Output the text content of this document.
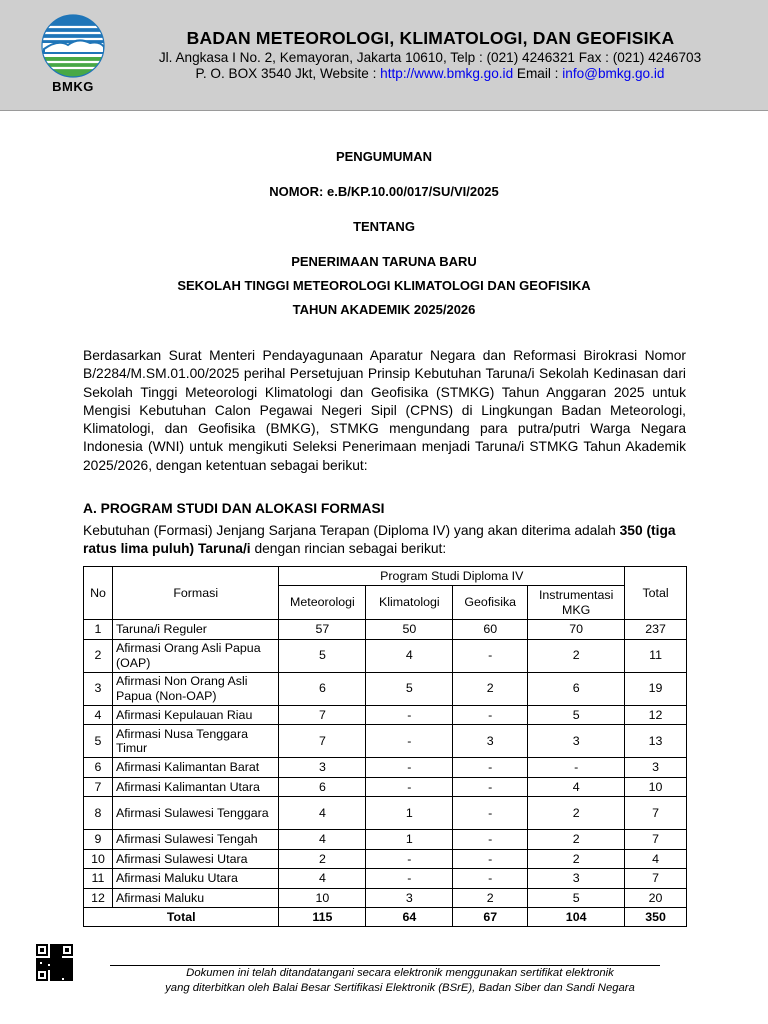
BMKG
BADAN METEOROLOGI, KLIMATOLOGI, DAN GEOFISIKA
Jl. Angkasa I No. 2, Kemayoran, Jakarta 10610, Telp : (021) 4246321 Fax : (021) 4246703
P. O. BOX 3540 Jkt, Website : http://www.bmkg.go.id Email : info@bmkg.go.id
PENGUMUMAN
NOMOR: e.B/KP.10.00/017/SU/VI/2025
TENTANG
PENERIMAAN TARUNA BARU
SEKOLAH TINGGI METEOROLOGI KLIMATOLOGI DAN GEOFISIKA
TAHUN AKADEMIK 2025/2026
Berdasarkan Surat Menteri Pendayagunaan Aparatur Negara dan Reformasi Birokrasi Nomor B/2284/M.SM.01.00/2025 perihal Persetujuan Prinsip Kebutuhan Taruna/i Sekolah Kedinasan dari Sekolah Tinggi Meteorologi Klimatologi dan Geofisika (STMKG) Tahun Anggaran 2025 untuk Mengisi Kebutuhan Calon Pegawai Negeri Sipil (CPNS) di Lingkungan Badan Meteorologi, Klimatologi, dan Geofisika (BMKG), STMKG mengundang para putra/putri Warga Negara Indonesia (WNI) untuk mengikuti Seleksi Penerimaan menjadi Taruna/i STMKG Tahun Akademik 2025/2026, dengan ketentuan sebagai berikut:
A. PROGRAM STUDI DAN ALOKASI FORMASI
Kebutuhan (Formasi) Jenjang Sarjana Terapan (Diploma IV) yang akan diterima adalah 350 (tiga ratus lima puluh) Taruna/i dengan rincian sebagai berikut:
No	Formasi	Program Studi Diploma IV				Total
		Meteorologi	Klimatologi	Geofisika	Instrumentasi MKG	
1	Taruna/i Reguler	57	50	60	70	237
2	Afirmasi Orang Asli Papua (OAP)	5	4	-	2	11
3	Afirmasi Non Orang Asli Papua (Non-OAP)	6	5	2	6	19
4	Afirmasi Kepulauan Riau	7	-	-	5	12
5	Afirmasi Nusa Tenggara Timur	7	-	3	3	13
6	Afirmasi Kalimantan Barat	3	-	-	-	3
7	Afirmasi Kalimantan Utara	6	-	-	4	10
8	Afirmasi Sulawesi Tenggara	4	1	-	2	7
9	Afirmasi Sulawesi Tengah	4	1	-	2	7
10	Afirmasi Sulawesi Utara	2	-	-	2	4
11	Afirmasi Maluku Utara	4	-	-	3	7
12	Afirmasi Maluku	10	3	2	5	20
Total		115	64	67	104	350
Dokumen ini telah ditandatangani secara elektronik menggunakan sertifikat elektronik
yang diterbitkan oleh Balai Besar Sertifikasi Elektronik (BSrE), Badan Siber dan Sandi Negara
